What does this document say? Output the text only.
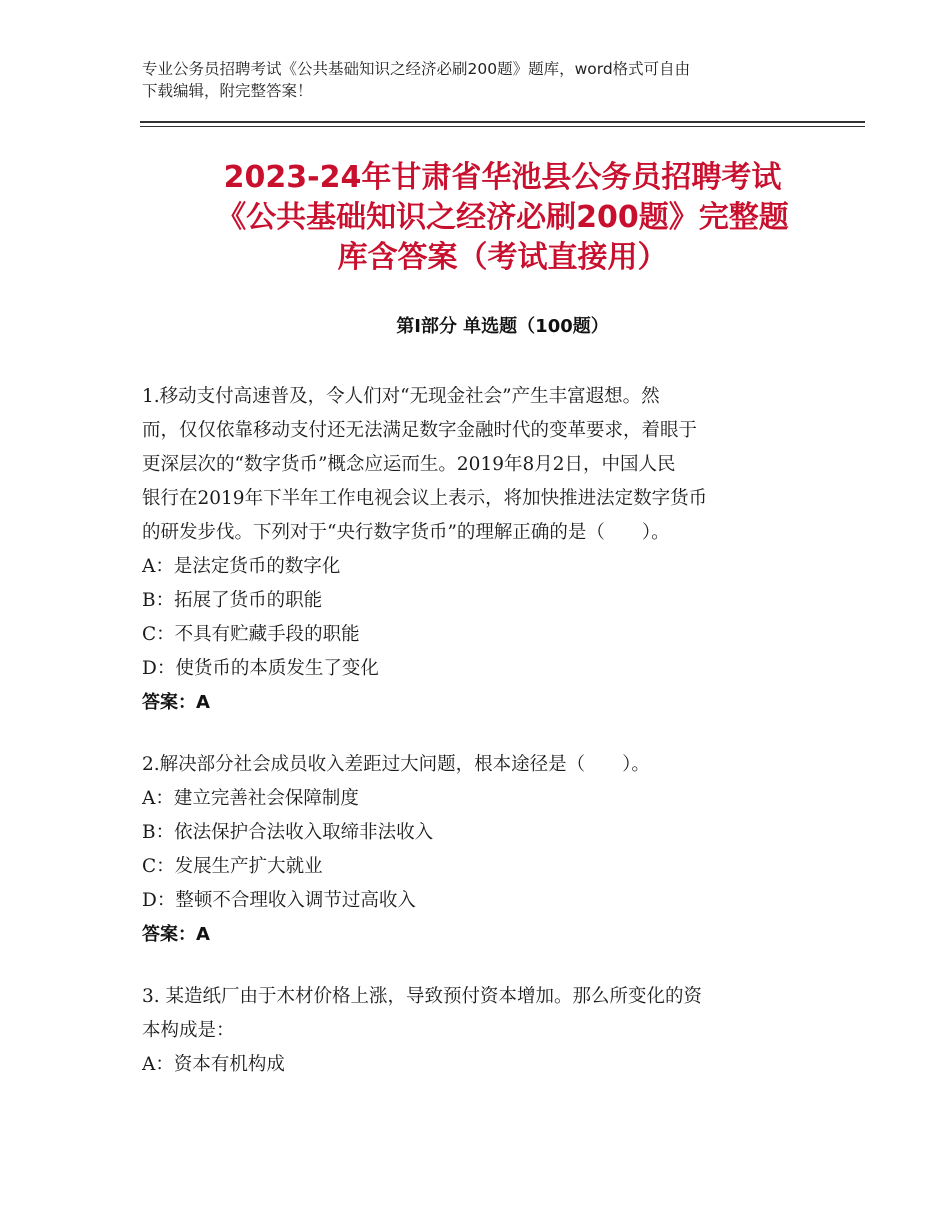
专业公务员招聘考试《公共基础知识之经济必刷200题》题库，word格式可自由
下载编辑，附完整答案！
2023-24年甘肃省华池县公务员招聘考试
《公共基础知识之经济必刷200题》完整题
库含答案（考试直接用）
第Ⅰ部分 单选题（100题）
1.移动支付高速普及，令人们对“无现金社会”产生丰富遐想。然
而，仅仅依靠移动支付还无法满足数字金融时代的变革要求，着眼于
更深层次的“数字货币”概念应运而生。2019年8月2日，中国人民
银行在2019年下半年工作电视会议上表示，将加快推进法定数字货币
的研发步伐。下列对于“央行数字货币”的理解正确的是（　　）。
A：是法定货币的数字化
B：拓展了货币的职能
C：不具有贮藏手段的职能
D：使货币的本质发生了变化
答案：A
2.解决部分社会成员收入差距过大问题，根本途径是（　　）。
A：建立完善社会保障制度
B：依法保护合法收入取缔非法收入
C：发展生产扩大就业
D：整顿不合理收入调节过高收入
答案：A
3. 某造纸厂由于木材价格上涨，导致预付资本增加。那么所变化的资
本构成是：
A：资本有机构成
